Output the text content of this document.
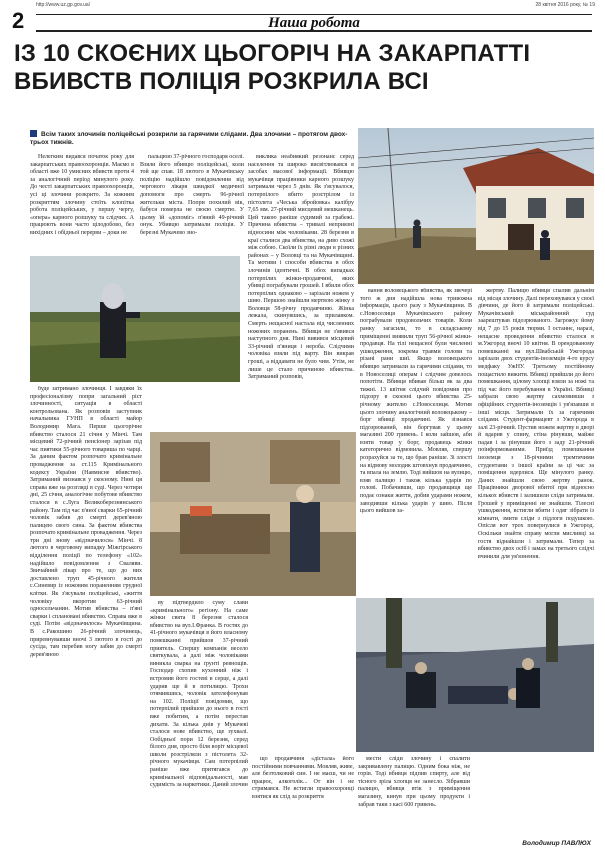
http://www.uz.gp.gov.ua/	28 квітня 2016 року, № 19
2	Наша робота
ІЗ 10 СКОЄНИХ ЦЬОГОРІЧ НА ЗАКАРПАТТІ ВБИВСТВ ПОЛІЦІЯ РОЗКРИЛА ВСІ
Всім таких злочинів поліцейські розкрили за гарячими слідами. Два злочини – протягом двох-трьох тижнів.

Нелегким видався початок року для закарпатських правоохоронців. Маємо в області вже 10 умисних вбивств проти 4 за аналогічний період минулого року. До честі закарпатських правоохоронців, усі ці злочини розкрито. За кожним розкриттям злочину стоїть клопітка робота поліцейських, у першу чергу, «опера» карного розшуку та слідчих. А працюють вони часто цілодобово, без вихідних і обідньої перерви – доки не

пальцюю 37-річного господаря оселі. Взяли його вбивцю поліцейські, коли той ще спав. 18 лютого в Мукачівську поліцію надійшло повідомлення від чергового лікаря швидкої медичної допомоги про смерть 96-річної жительки міста. Попри похилий вік, бабуся померла не своєю смертю. У цьому їй «допоміг» п'яний 49-річний онук. Убивцю затримали поліція. У березні Мукачево зно-

виклика неабиякий резонанс серед населення та широко висвітлювався в засобах масової інформації. Вбивцю мукачівця працівники карного розшуку затримали через 5 днів. Як з'ясувалося, потерпілого вбито розстрілом із пістолета «Чеська збройовка» калібру 7,65 мм. 27-річний мисцевий мешканець. Цей такою раніше судимий за грабежі. Причина вбивства – тривалі неприязні відносини між чоловіками. 28 березня в краї сталися два вбивства, на диво схожі між собою. Скоїли їх різні люди в різних районах – у Воловці та на Мукачівщині. Та мотиви і способи вбивства в обох злочинів ідентичні. В обох випадках потерпілих жінки-продавчині, яких убивці пограбували грошей. І вбили обох потерпілих однаково – зарізали ножем у шию. Першою знайшли мертвою жінку з Воловця 58-річну продавчиню. Жінка лежала, скинувшись, за прилавком. Смерть нещасної настала від численних ножових поранень. Вбивця не з'явився наступного дня. Нині вивився місцевий 33-річний п'яниця і нероба. Слідчими чоловіка взяли під варту. Він викрав гроші, а віддавати не було чим. Утім, не лише це стало причиною вбивства. Затриманий розповів,

буде затримано злочинця. І завдяки їх професіоналізму попри загальний ріст злочинності, ситуація в області контрольована. Як розповів заступник начальника ГУНП в області майор Володимир Мага. Перше цьогорічне вбивство сталося 21 січня у Мінчі. Там місцевий 72-річний пенсіонер зарізав під час пиятики 55-річного товариша по чарці. За даним фактом розпочато кримінальне провадження за ст.115 Кримінального кодексу України (Навмисне вбивство). Затриманий визнався у скоєному. Нині ця справа вже на розгляді в суді. Через чотири дні, 25 січня, аналогічне побутове вбивство сталося в с.Луга Великоберезнянського району. Там під час п'яної сварки 65-річний чоловік забив до смерті дерев'яною палицею свого сина. За фактом вбивства розпочато кримінальне провадження. Через три дні знову «відзначилося» Мінчі. 8 лютого в черговому випадку Міжгірського відділення поліції по телефону «102» надійшло повідомлення з Сваляви. Звичайний лікар про те, що до них доставлено труп 45-річного жителя с.Синевир із ножовим пораненням грудної клітки. Як з'ясували поліцейські, «життя чоловіку вкоротив 63-річний односельчанин. Мотив вбивства – п'яні сварки і сплановані вбивство. Справа вже в суді. Потім «відзначилося» Мукачівщина. В с.Ракошино 26-річний злочинець, приревнувавши вночі 3 лютого в гості до сусіда, там перебив ногу забив до смерті дерев'яною

ву підтвердило суму слави «кримінального» регіону. На саме жінки свята 8 березня сталося вбивство на вул.І.Франка. В гостях до 41-річного мукачівця в його власному помешканні прийшов 37-річний приятель. Спершу компанія весело святкувала, а далі між чоловіками виникла сварка на ґрунті ревнощів. Господар схопив кухонний ніж і встромив його гостеві в серце, а далі ударив ще й в потилицю. Трохи отямившись, чоловік зателефонував на 102. Поліції повідомив, що потерпілий прийшов до нього в гості вже побитим, а потім перестав дихати. За кілька днів у Мукачеві сталося нове вбивство, ще зухвалі. Ообідньої пори 12 березня, серед білого дня, просто біля воріт місцевої школи розстріляли з пістолета 32-річного мукачівця. Сам потерпілий раніше вже притягався до кримінальної відповідальності, мав судимість за наркотики. Даний злочин

що продавчиня «дістала» його постійними повчаннями. Мовляв, живе, але безтолковий син. І не маєш, чи не працює, алкоголік... От він і не стримався. Не встигли правоохоронці взятися як слід за розкриття

вання воловецького вбивства, як звечері того ж дня надійшла нова тривожна інформація, цього разу з Мукачівщини. В с.Новоселиця Мукачівського району пограбували продовольчих товарів. Коли ранку загасили, то в складському приміщенні виявили труп 56-річної жінки-продавця. На тілі нещасної були численні ушкодження, зокрема травми голови та різані рани шиї. Якщо воловецького вбивцю затримали за гарячими слідами, то в Новоселиці операм і слідчим довелось попотіти. Вбивця вбивав більш як за два тижні. 13 квітня слідчий повідомив про підозру в скоєнні цього вбивства 25-річному жителю с.Новоселиця. Мотив цього злочину аналогічний воловецькому – борг вбивці продавчині. Як зізнався підозрюваний, він боргував у цьому магазині 200 гривень. І коли зайшов, аби взяти товар у борг, продавець жінки категорично відмовила. Мовляв, спершу розрахуйся за те, що брав раніше. Зі злості на відмову молодик штовхнув продавчиню, та впала на землю. Тоді вийшов на вулицю, взяв палицю і також кілька ударів по голові. Побачивши, що продавщиця ще подає ознаки життя, добив ударами ножем, заводивши кілька ударів у шию. Після цього вийшов за-

мести сліди злочину і спалити закривавлену палицю. Одним бока ніж, не горів. Тоді вбивця підпив спирту, але від тісного зріла хлопця не занесло. Зібравши палицю, вбивця втік з приміщення магазину, кинув при цьому продукти і забрав таки з касі 600 гривень.

жертву. Палицю вбивця спалив дальнім від місця злочину. Далі переховувався у своєї дівчини, де його й затримали поліцейські. Мукачівський міськрайонний суд заарештував підозрюваного. Загрожує йому від 7 до 15 років тюрми. І останнє, наразі, нещасне проведення вбивство сталося в м.Ужгород вночі 10 квітня. В орендованому помешканні на вул.Швабській Ужгорода зарізали двох студентів-іноземців 4-го курсу медфаку УжНУ. Третьому постійному пощастило вижити. Вбивці прийшли до його помешкання, цілому хлопці взяли за ножі та під час його перебування в Україні. Вбивці забрали свою жертву сахмовивши з офіційних студентів-іноземців і ув'язавши в інші місця. Затримали їх за гарячими слідами. Студент-фармацевт з Ужгорода в залі 23-річний. Пустив ножем жертву в дворі й вдарив у спину, стіна рінувши, майже падав і за рінувши його з заду 21-річний поінформованими. Приїзд помешкання іноземця з 18-річними тремтячими студентами з іншої країни за ці час за поміщення вдерлися. Ще мінулого ранку. Даних знайшли свою жертву ранок. Працівники дворової вбитої при відносно кількох вбивств і залишили сліди затримали. Грошей у приміщенні не знайшли. Тілесні ушкодження, встигли вбити і одяг зібрати із кімнати, змити сліди з підлоги подушкою. Опісля вот трох повернулися в Ужгород. Оскільки знайти справу могли мисливці за гостя віднайшли і затримали. Тепер за вбивство двох осіб і замах на третього слідчі вчинили для ув'язнення.

Володимир ПАВЛЮХ
